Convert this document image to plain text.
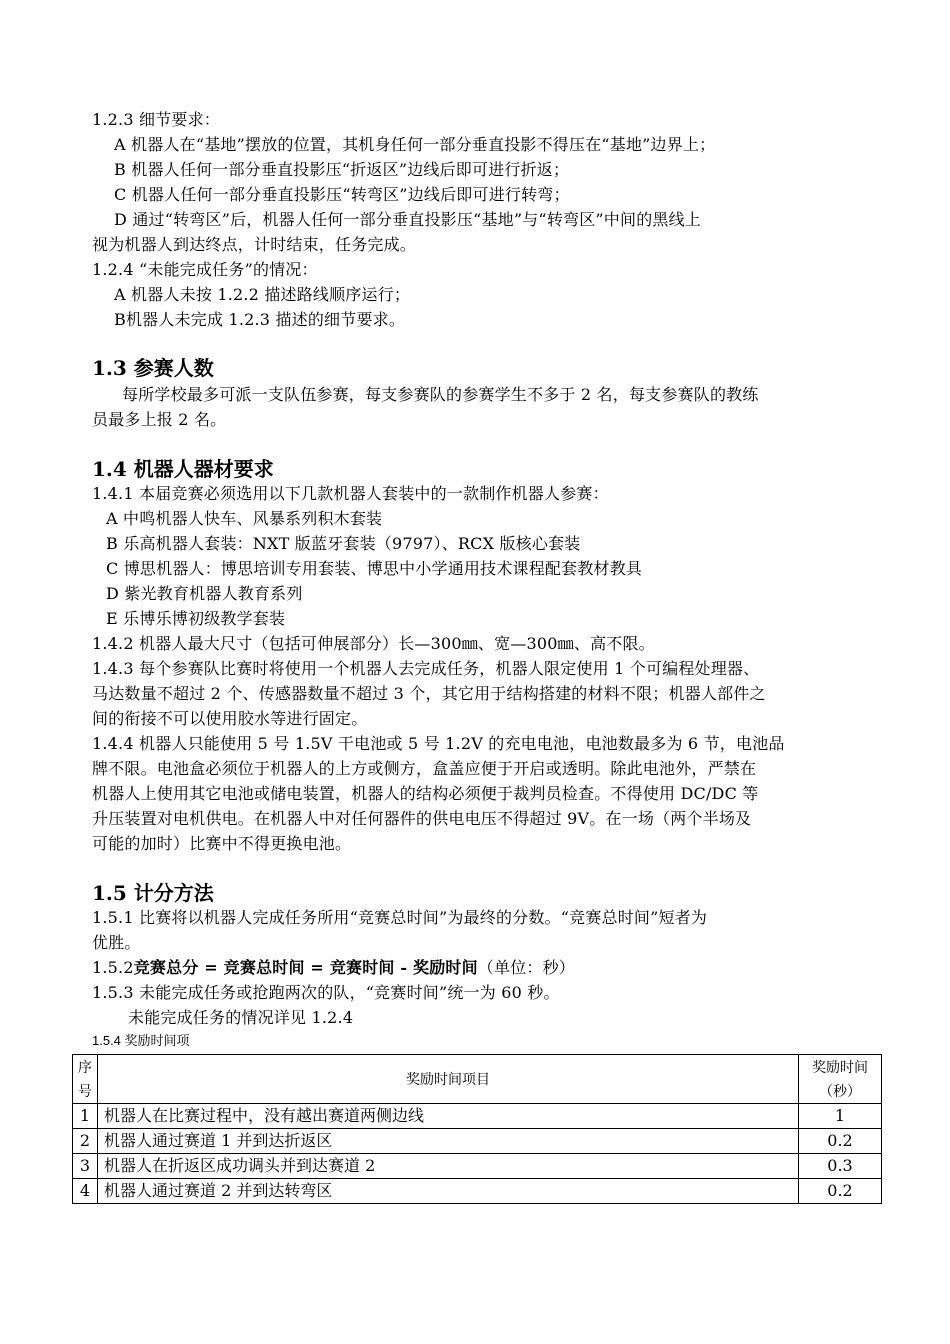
1.2.3 细节要求：
A 机器人在“基地”摆放的位置，其机身任何一部分垂直投影不得压在“基地”边界上；
B 机器人任何一部分垂直投影压“折返区”边线后即可进行折返；
C 机器人任何一部分垂直投影压“转弯区”边线后即可进行转弯；
D 通过“转弯区”后，机器人任何一部分垂直投影压“基地”与“转弯区”中间的黑线上
视为机器人到达终点，计时结束，任务完成。
1.2.4 “未能完成任务”的情况：
A 机器人未按 1.2.2 描述路线顺序运行；
B机器人未完成 1.2.3 描述的细节要求。
1.3 参赛人数
每所学校最多可派一支队伍参赛，每支参赛队的参赛学生不多于 2 名，每支参赛队的教练
员最多上报 2 名。
1.4 机器人器材要求
1.4.1 本届竞赛必须选用以下几款机器人套装中的一款制作机器人参赛：
A 中鸣机器人快车、风暴系列积木套装
B 乐高机器人套装：NXT 版蓝牙套装（9797）、RCX 版核心套装
C 博思机器人：博思培训专用套装、博思中小学通用技术课程配套教材教具
D 紫光教育机器人教育系列
E 乐博乐博初级教学套装
1.4.2 机器人最大尺寸（包括可伸展部分）长—300㎜、宽—300㎜、高不限。
1.4.3 每个参赛队比赛时将使用一个机器人去完成任务，机器人限定使用 1 个可编程处理器、
马达数量不超过 2 个、传感器数量不超过 3 个，其它用于结构搭建的材料不限；机器人部件之
间的衔接不可以使用胶水等进行固定。
1.4.4 机器人只能使用 5 号 1.5V 干电池或 5 号 1.2V 的充电电池，电池数最多为 6 节，电池品
牌不限。电池盒必须位于机器人的上方或侧方，盒盖应便于开启或透明。除此电池外，严禁在
机器人上使用其它电池或储电装置，机器人的结构必须便于裁判员检查。不得使用 DC/DC 等
升压装置对电机供电。在机器人中对任何器件的供电电压不得超过 9V。在一场（两个半场及
可能的加时）比赛中不得更换电池。
1.5 计分方法
1.5.1 比赛将以机器人完成任务所用“竞赛总时间”为最终的分数。“竞赛总时间”短者为
优胜。
1.5.2竞赛总分 = 竞赛总时间 = 竞赛时间 - 奖励时间（单位：秒）
1.5.3 未能完成任务或抢跑两次的队，“竞赛时间”统一为 60 秒。
未能完成任务的情况详见 1.2.4
1.5.4 奖励时间项
序号	奖励时间项目	奖励时间（秒）
1	机器人在比赛过程中，没有越出赛道两侧边线	1
2	机器人通过赛道 1 并到达折返区	0.2
3	机器人在折返区成功调头并到达赛道 2	0.3
4	机器人通过赛道 2 并到达转弯区	0.2
